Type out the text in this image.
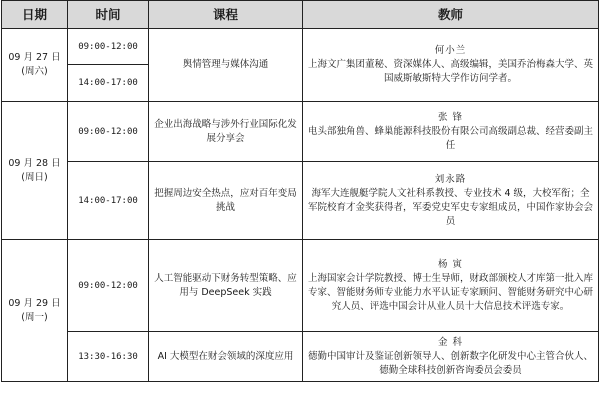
日期	时间	课程	教师

09 月 27 日
(周六)	09:00-12:00	舆情管理与媒体沟通	何小兰
上海文广集团董秘、资深媒体人、高级编辑，美国乔治梅森大学、英国威斯敏斯特大学作访问学者。

	14:00-17:00		

09 月 28 日
(周日)	09:00-12:00	企业出海战略与涉外行业国际化发展分享会	张 锋
电头部独角兽、蜂巢能源科技股份有限公司高级副总裁、经营委副主任

	14:00-17:00	把握周边安全热点，应对百年变局挑战	刘永路
海军大连舰艇学院人文社科系教授、专业技术 4 级，大校军衔；全军院校育才金奖获得者，军委党史军史专家组成员，中国作家协会会员

09 月 29 日
(周一)	09:00-12:00	人工智能驱动下财务转型策略、应用与 DeepSeek 实践	杨 寅
上海国家会计学院教授、博士生导师，财政部颁校人才库第一批入库专家、智能财务师专业能力水平认证专家顾问、智能财务研究中心研究人员、评选中国会计从业人员十大信息技术评选专家。

	13:30-16:30	AI 大模型在财会领域的深度应用	金 科
德勤中国审计及鉴证创新领导人、创新数字化研发中心主管合伙人、德勤全球科技创新咨询委员会委员
